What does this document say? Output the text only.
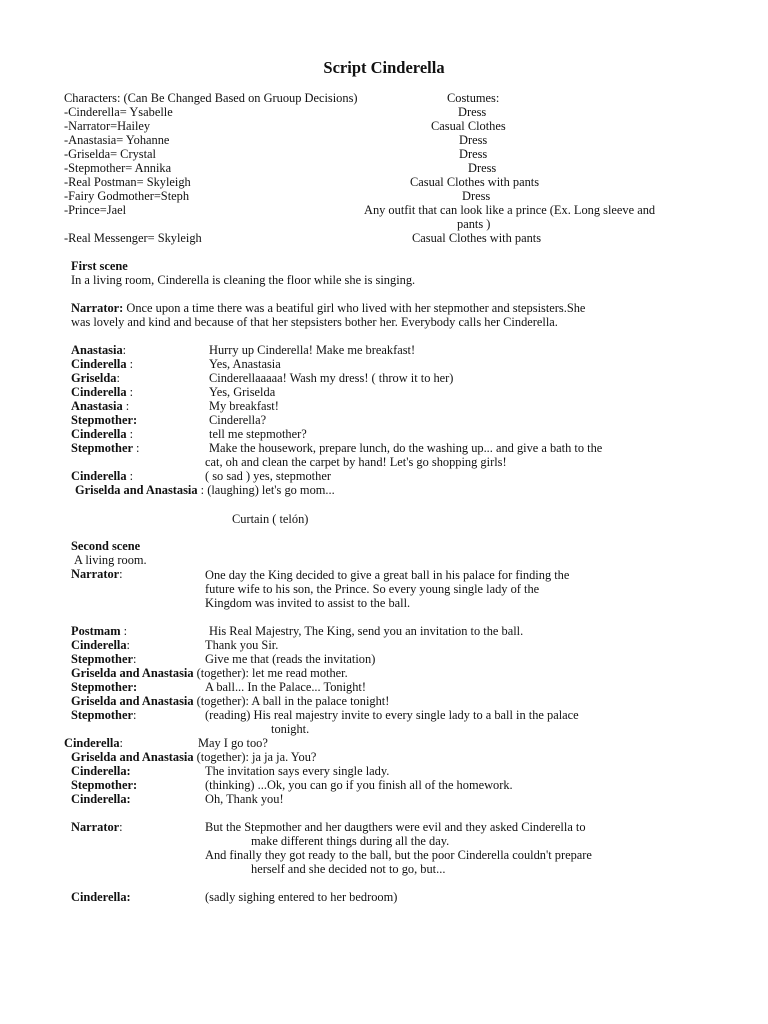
Script Cinderella
Characters: (Can Be Changed Based on Gruoup Decisions)	Costumes:
-Cinderella= Ysabelle	Dress
-Narrator=Hailey	Casual Clothes
-Anastasia= Yohanne	Dress
-Griselda= Crystal	Dress
-Stepmother= Annika	Dress
-Real Postman= Skyleigh	Casual Clothes with pants
-Fairy Godmother=Steph	Dress
-Prince=Jael	Any outfit that can look like a prince (Ex. Long sleeve and
pants )
-Real Messenger= Skyleigh	Casual Clothes with pants
First scene
In a living room, Cinderella is cleaning the floor while she is singing.
Narrator: Once upon a time there was a beatiful girl who lived with her stepmother and stepsisters.She
was lovely and kind and because of that her stepsisters bother her. Everybody calls her Cinderella.
Anastasia:	Hurry up Cinderella! Make me breakfast!
Cinderella :	Yes, Anastasia
Griselda:	Cinderellaaaaa! Wash my dress! ( throw it to her)
Cinderella :	Yes, Griselda
Anastasia :	My breakfast!
Stepmother:	Cinderella?
Cinderella :	tell me stepmother?
Stepmother :	Make the housework, prepare lunch, do the washing up... and give a bath to the
cat, oh and clean the carpet by hand! Let's go shopping girls!
Cinderella :	( so sad ) yes, stepmother
Griselda and Anastasia : (laughing) let's go mom...
Curtain ( telón)
Second scene
A living room.
Narrator:	One day the King decided to give a great ball in his palace for finding the
future wife to his son, the Prince. So every young single lady of the
Kingdom was invited to assist to the ball.
Postmam :	His Real Majestry, The King, send you an invitation to the ball.
Cinderella:	Thank you Sir.
Stepmother:	Give me that (reads the invitation)
Griselda and Anastasia (together): let me read mother.
Stepmother:	A ball... In the Palace... Tonight!
Griselda and Anastasia (together): A ball in the palace tonight!
Stepmother:	(reading) His real majestry invite to every single lady to a ball in the palace
tonight.
Cinderella:	May I go too?
Griselda and Anastasia (together): ja ja ja. You?
Cinderella:	The invitation says every single lady.
Stepmother:	(thinking) ...Ok, you can go if you finish all of the homework.
Cinderella:	Oh, Thank you!
Narrator:	But the Stepmother and her daugthers were evil and they asked Cinderella to
make different things during all the day.
And finally they got ready to the ball, but the poor Cinderella couldn't prepare
herself and she decided not to go, but...
Cinderella:	(sadly sighing entered to her bedroom)
